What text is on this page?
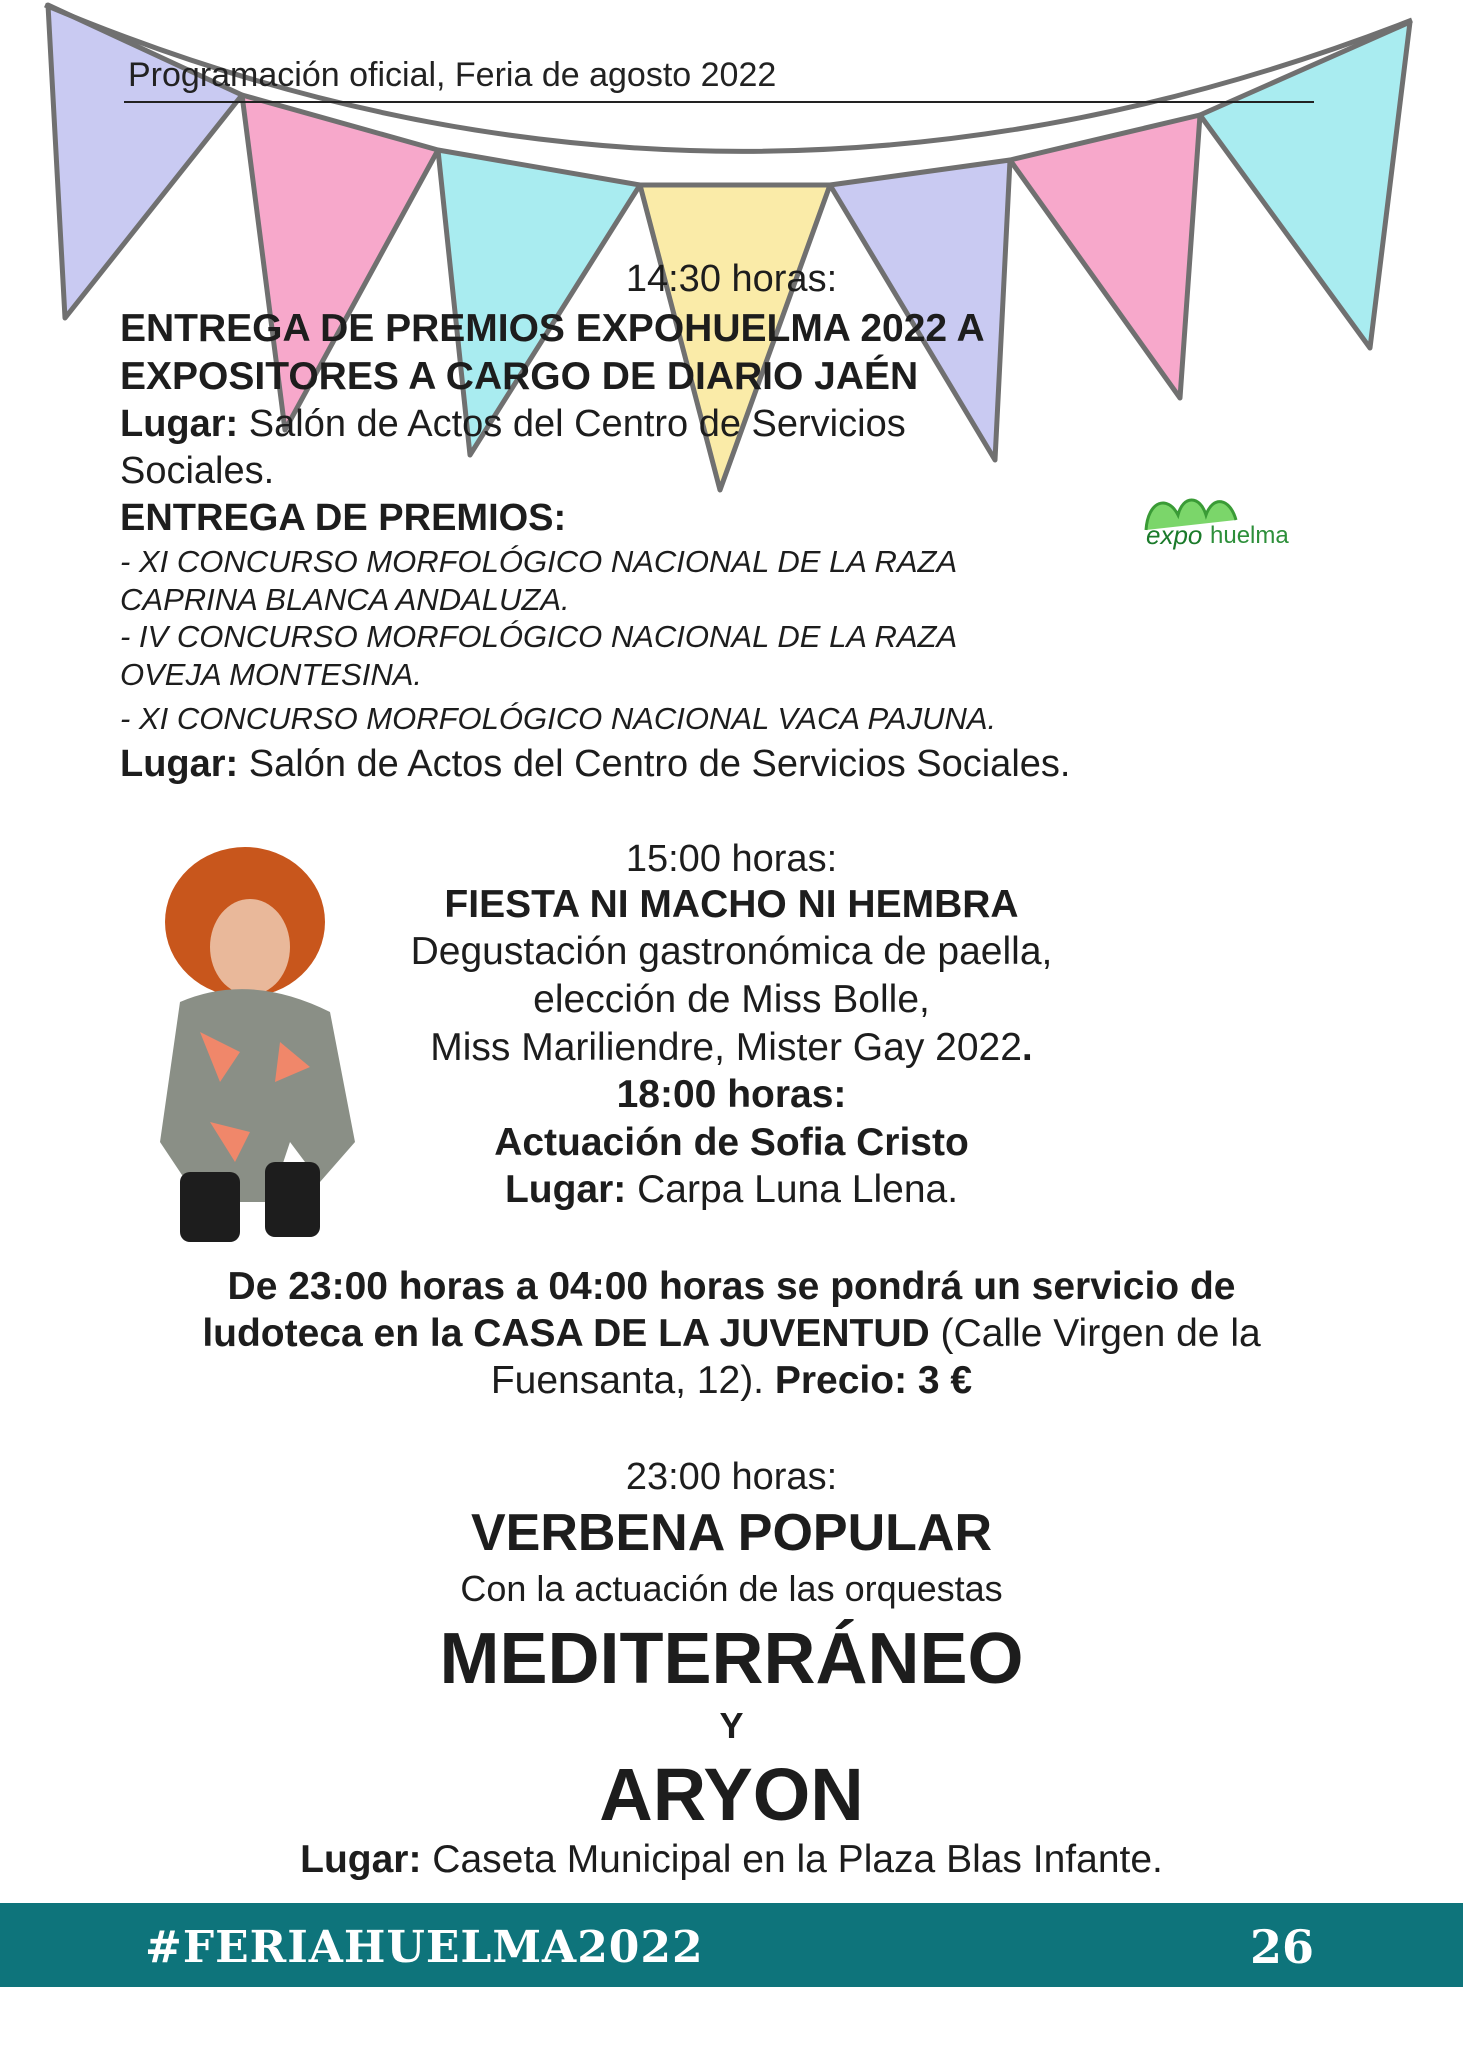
Programación oficial, Feria de agosto 2022
14:30 horas:
ENTREGA DE PREMIOS EXPOHUELMA 2022 A
EXPOSITORES A CARGO DE DIARIO JAÉN
Lugar: Salón de Actos del Centro de Servicios
Sociales.
ENTREGA DE PREMIOS:
- XI CONCURSO MORFOLÓGICO NACIONAL DE LA RAZA
CAPRINA BLANCA ANDALUZA.
- IV CONCURSO MORFOLÓGICO NACIONAL DE LA RAZA
OVEJA MONTESINA.
- XI CONCURSO MORFOLÓGICO NACIONAL VACA PAJUNA.
Lugar: Salón de Actos del Centro de Servicios Sociales.
expo huelma
15:00 horas:
FIESTA NI MACHO NI HEMBRA
Degustación gastronómica de paella,
elección de Miss Bolle,
Miss Mariliendre, Mister Gay 2022.
18:00 horas:
Actuación de Sofia Cristo
Lugar: Carpa Luna Llena.
De 23:00 horas a 04:00 horas se pondrá un servicio de
ludoteca en la CASA DE LA JUVENTUD (Calle Virgen de la
Fuensanta, 12). Precio: 3 €
23:00 horas:
VERBENA POPULAR
Con la actuación de las orquestas
MEDITERRÁNEO
Y
ARYON
Lugar: Caseta Municipal en la Plaza Blas Infante.
#FERIAHUELMA2022	26
